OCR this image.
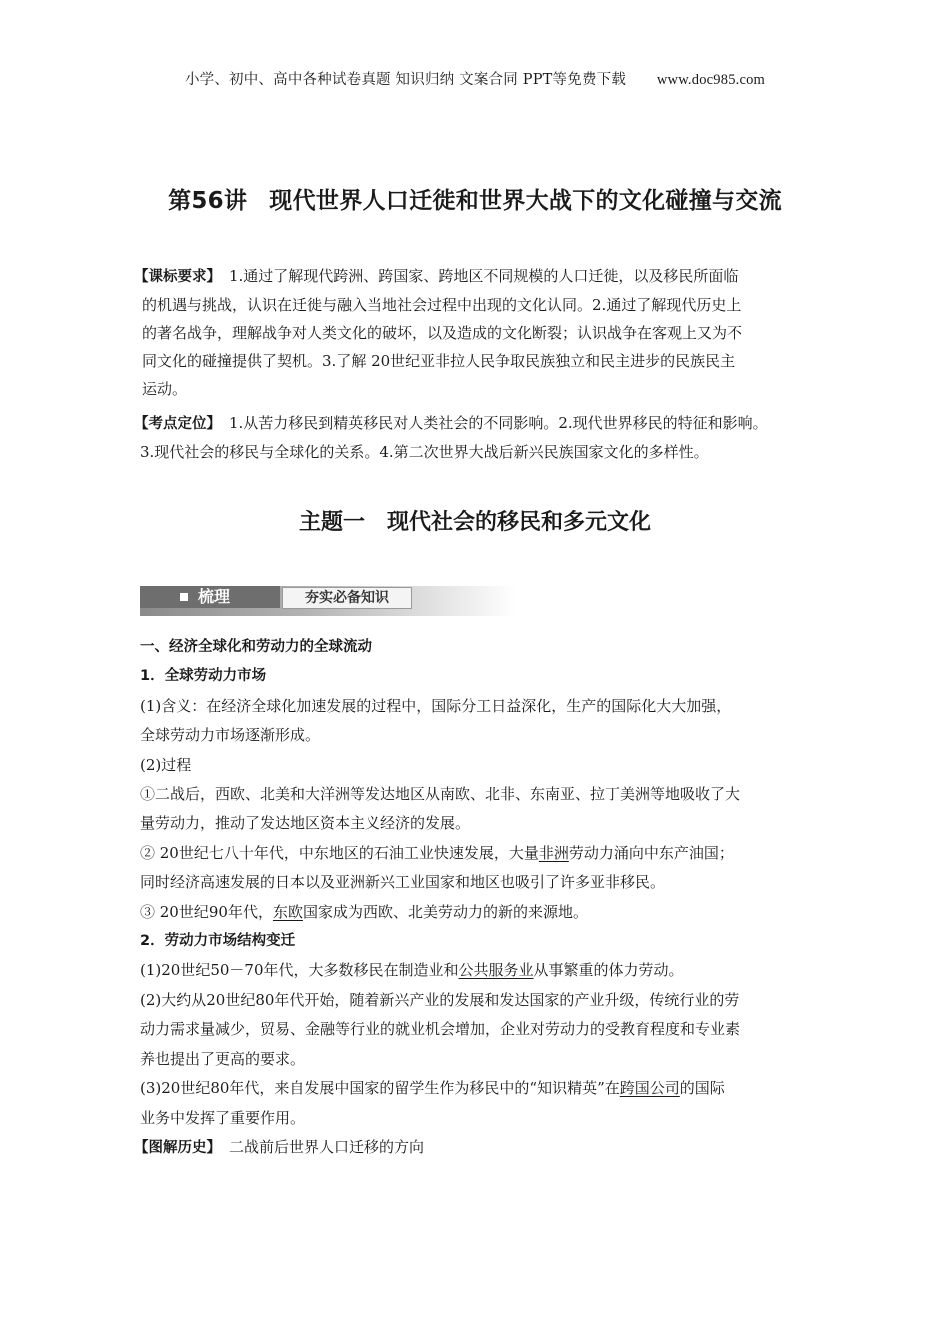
小学、初中、高中各种试卷真题 知识归纳 文案合同 PPT等免费下载 www.doc985.com
第56讲 现代世界人口迁徙和世界大战下的文化碰撞与交流
【课标要求】 1.通过了解现代跨洲、跨国家、跨地区不同规模的人口迁徙，以及移民所面临
的机遇与挑战，认识在迁徙与融入当地社会过程中出现的文化认同。2.通过了解现代历史上
的著名战争，理解战争对人类文化的破坏，以及造成的文化断裂；认识战争在客观上又为不
同文化的碰撞提供了契机。3.了解 20世纪亚非拉人民争取民族独立和民主进步的民族民主
运动。
【考点定位】 1.从苦力移民到精英移民对人类社会的不同影响。2.现代世界移民的特征和影响。
3.现代社会的移民与全球化的关系。4.第二次世界大战后新兴民族国家文化的多样性。
主题一 现代社会的移民和多元文化
梳理	夯实必备知识

一、经济全球化和劳动力的全球流动

1．全球劳动力市场

(1)含义：在经济全球化加速发展的过程中，国际分工日益深化，生产的国际化大大加强，

全球劳动力市场逐渐形成。

(2)过程

①二战后，西欧、北美和大洋洲等发达地区从南欧、北非、东南亚、拉丁美洲等地吸收了大

量劳动力，推动了发达地区资本主义经济的发展。

② 20世纪七八十年代，中东地区的石油工业快速发展，大量非洲劳动力涌向中东产油国；

同时经济高速发展的日本以及亚洲新兴工业国家和地区也吸引了许多亚非移民。

③ 20世纪90年代，东欧国家成为西欧、北美劳动力的新的来源地。

2．劳动力市场结构变迁

(1)20世纪50－70年代，大多数移民在制造业和公共服务业从事繁重的体力劳动。

(2)大约从20世纪80年代开始，随着新兴产业的发展和发达国家的产业升级，传统行业的劳

动力需求量减少，贸易、金融等行业的就业机会增加，企业对劳动力的受教育程度和专业素

养也提出了更高的要求。

(3)20世纪80年代，来自发展中国家的留学生作为移民中的“知识精英”在跨国公司的国际

业务中发挥了重要作用。

【图解历史】 二战前后世界人口迁移的方向
